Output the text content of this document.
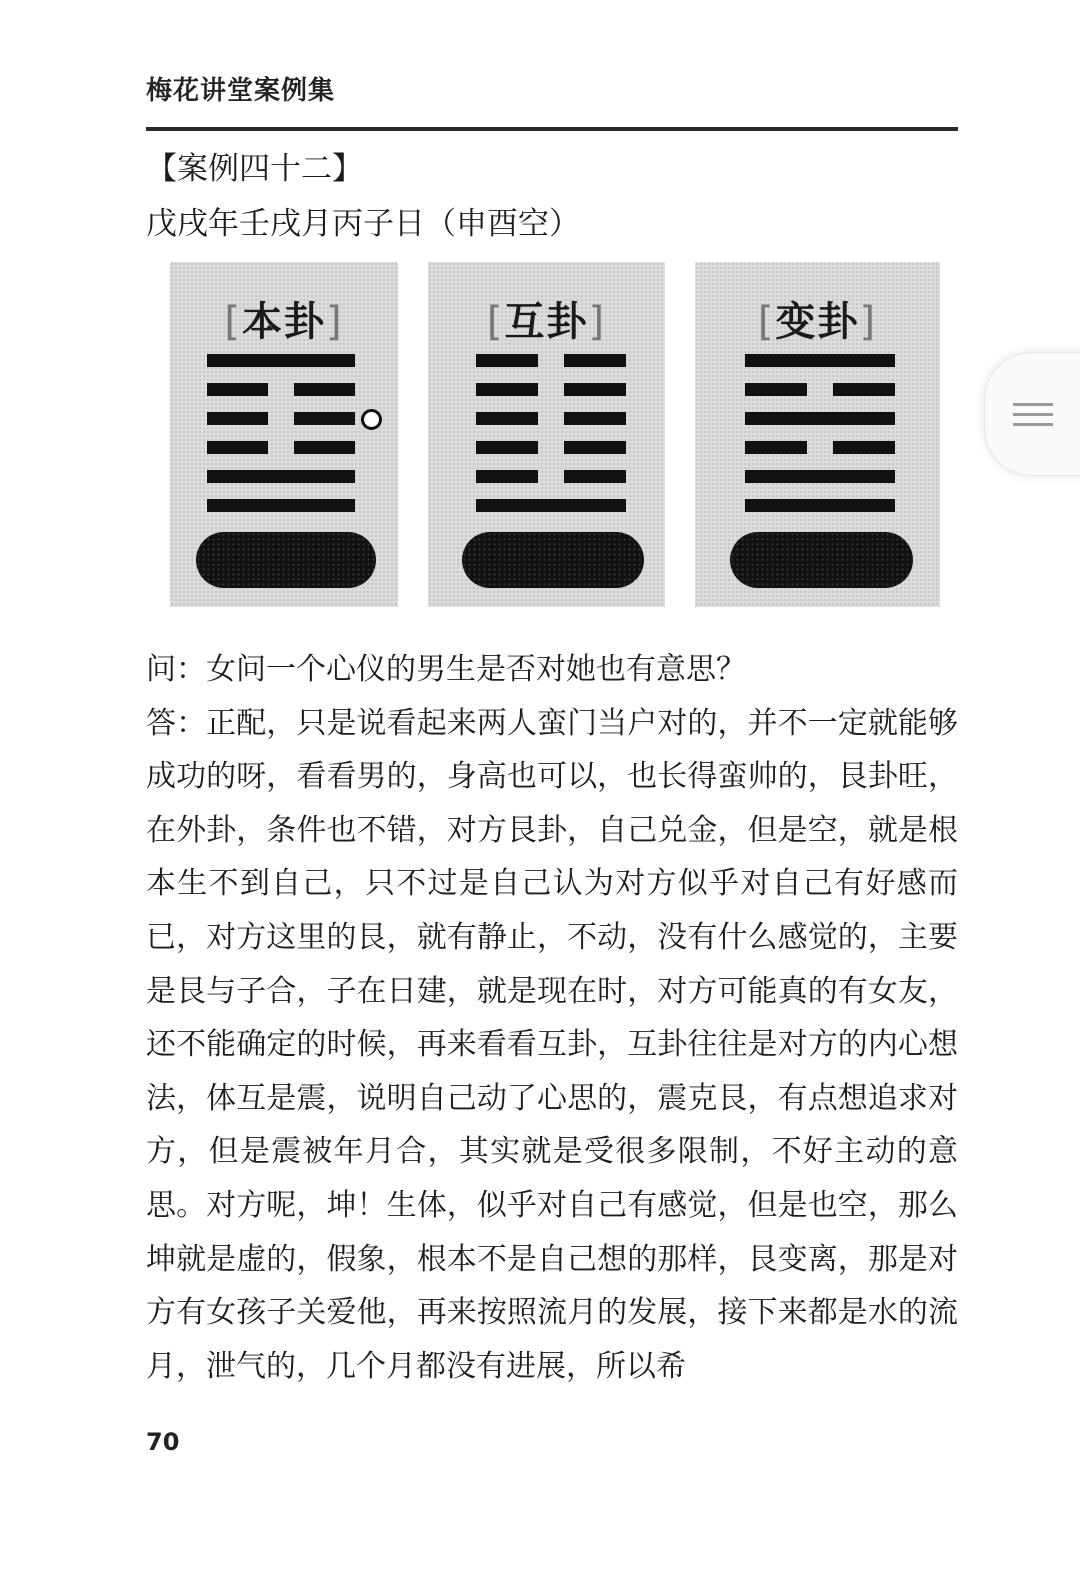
梅花讲堂案例集
【案例四十二】
戊戌年壬戌月丙子日（申酉空）
[本卦]	[互卦]	[变卦]

问：女问一个心仪的男生是否对她也有意思？

答：正配，只是说看起来两人蛮门当户对的，并不一定就能够成功的呀，看看男的，身高也可以，也长得蛮帅的，艮卦旺，在外卦，条件也不错，对方艮卦，自己兑金，但是空，就是根本生不到自己，只不过是自己认为对方似乎对自己有好感而已，对方这里的艮，就有静止，不动，没有什么感觉的，主要是艮与子合，子在日建，就是现在时，对方可能真的有女友，还不能确定的时候，再来看看互卦，互卦往往是对方的内心想法，体互是震，说明自己动了心思的，震克艮，有点想追求对方，但是震被年月合，其实就是受很多限制，不好主动的意思。对方呢，坤！生体，似乎对自己有感觉，但是也空，那么坤就是虚的，假象，根本不是自己想的那样，艮变离，那是对方有女孩子关爱他，再来按照流月的发展，接下来都是水的流月，泄气的，几个月都没有进展，所以希

70
